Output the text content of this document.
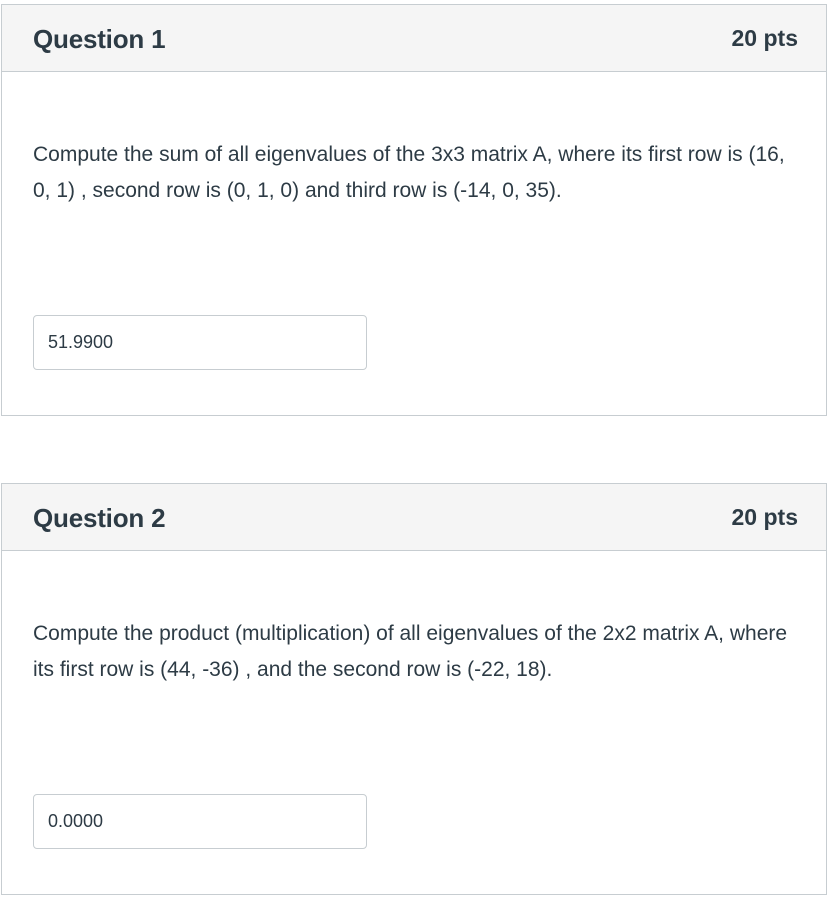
Question 1	20 pts
Compute the sum of all eigenvalues of the 3x3 matrix A, where its first row is (16, 0, 1) , second row is (0, 1, 0) and third row is (-14, 0, 35).
51.9900
Question 2	20 pts
Compute the product (multiplication) of all eigenvalues of the 2x2 matrix A, where its first row is (44, -36) , and the second row is (-22, 18).
0.0000
